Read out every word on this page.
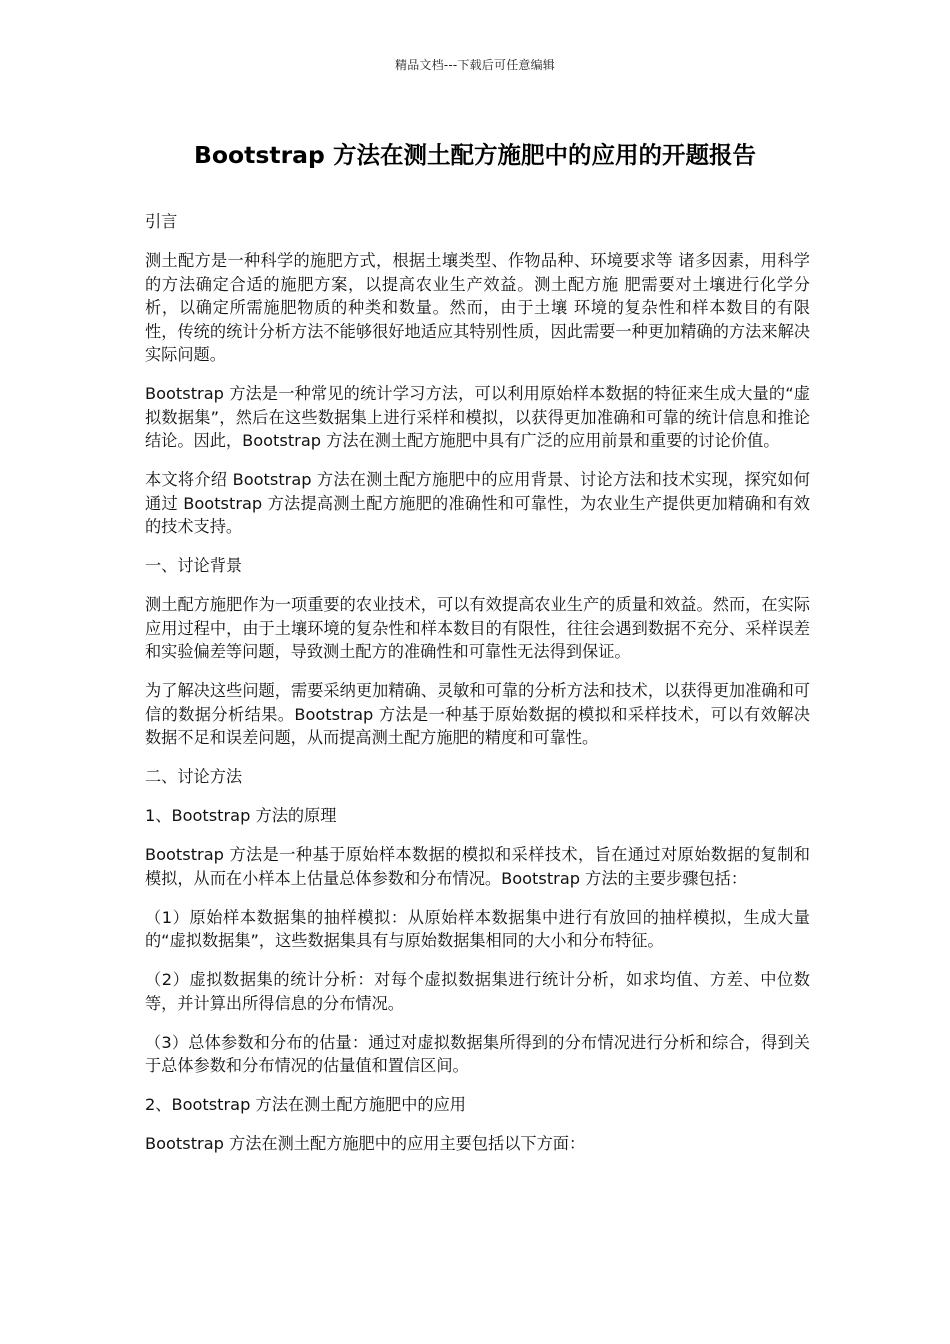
精品文档---下载后可任意编辑
Bootstrap 方法在测土配方施肥中的应用的开题报告

引言

测土配方是一种科学的施肥方式，根据土壤类型、作物品种、环境要求等 诸多因素，用科学的方法确定合适的施肥方案，以提高农业生产效益。测土配方施 肥需要对土壤进行化学分析，以确定所需施肥物质的种类和数量。然而，由于土壤 环境的复杂性和样本数目的有限性，传统的统计分析方法不能够很好地适应其特别性质，因此需要一种更加精确的方法来解决实际问题。

Bootstrap 方法是一种常见的统计学习方法，可以利用原始样本数据的特征来生成大量的“虚拟数据集”，然后在这些数据集上进行采样和模拟，以获得更加准确和可靠的统计信息和推论结论。因此，Bootstrap 方法在测土配方施肥中具有广泛的应用前景和重要的讨论价值。

本文将介绍 Bootstrap 方法在测土配方施肥中的应用背景、讨论方法和技术实现，探究如何通过 Bootstrap 方法提高测土配方施肥的准确性和可靠性，为农业生产提供更加精确和有效的技术支持。

一、讨论背景

测土配方施肥作为一项重要的农业技术，可以有效提高农业生产的质量和效益。然而，在实际应用过程中，由于土壤环境的复杂性和样本数目的有限性，往往会遇到数据不充分、采样误差和实验偏差等问题，导致测土配方的准确性和可靠性无法得到保证。

为了解决这些问题，需要采纳更加精确、灵敏和可靠的分析方法和技术，以获得更加准确和可信的数据分析结果。Bootstrap 方法是一种基于原始数据的模拟和采样技术，可以有效解决数据不足和误差问题，从而提高测土配方施肥的精度和可靠性。

二、讨论方法

1、Bootstrap 方法的原理

Bootstrap 方法是一种基于原始样本数据的模拟和采样技术，旨在通过对原始数据的复制和模拟，从而在小样本上估量总体参数和分布情况。Bootstrap 方法的主要步骤包括：

（1）原始样本数据集的抽样模拟：从原始样本数据集中进行有放回的抽样模拟，生成大量的“虚拟数据集”，这些数据集具有与原始数据集相同的大小和分布特征。

（2）虚拟数据集的统计分析：对每个虚拟数据集进行统计分析，如求均值、方差、中位数等，并计算出所得信息的分布情况。

（3）总体参数和分布的估量：通过对虚拟数据集所得到的分布情况进行分析和综合，得到关于总体参数和分布情况的估量值和置信区间。

2、Bootstrap 方法在测土配方施肥中的应用

Bootstrap 方法在测土配方施肥中的应用主要包括以下方面：
